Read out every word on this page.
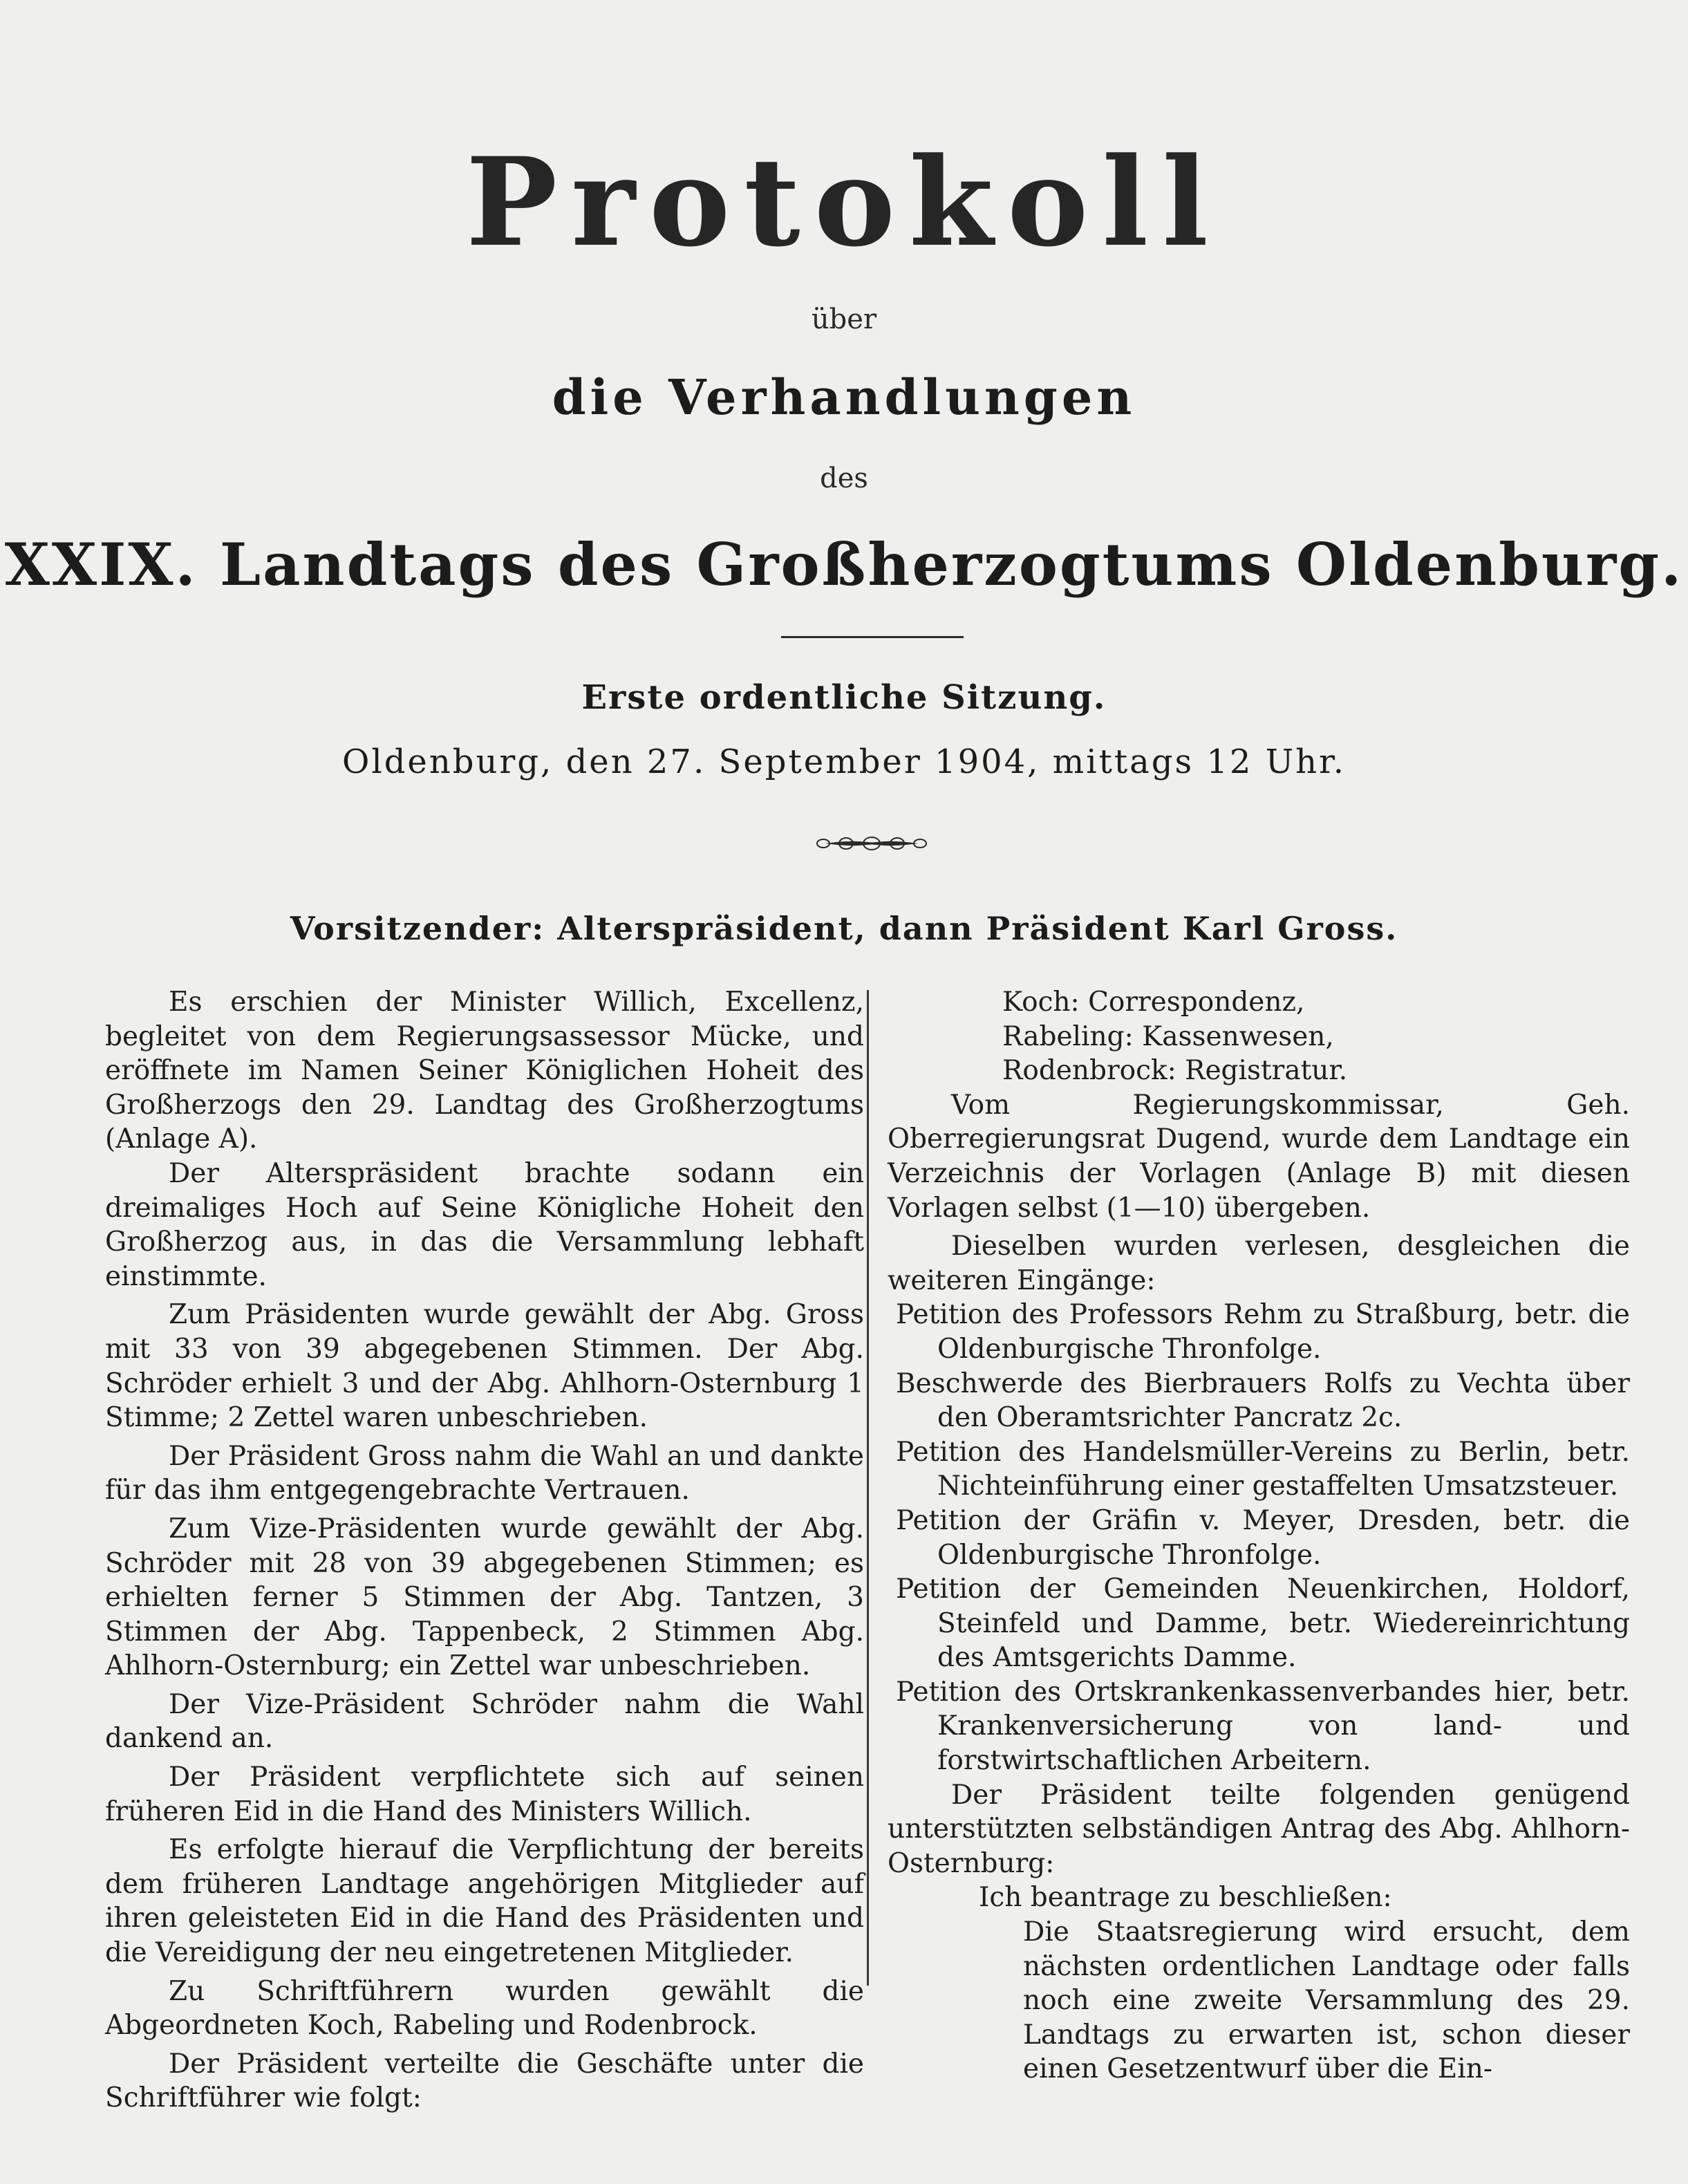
Protokoll
über
die Verhandlungen
des
XXIX. Landtags des Großherzogtums Oldenburg.
Erste ordentliche Sitzung.
Oldenburg, den 27. September 1904, mittags 12 Uhr.
Vorsitzender: Alterspräsident, dann Präsident Karl Gross.

Es erschien der Minister Willich, Excellenz, begleitet von dem Regierungsassessor Mücke, und eröffnete im Namen Seiner Königlichen Hoheit des Großherzogs den 29. Landtag des Großherzogtums (Anlage A).

Der Alterspräsident brachte sodann ein dreimaliges Hoch auf Seine Königliche Hoheit den Großherzog aus, in das die Versammlung lebhaft einstimmte.

Zum Präsidenten wurde gewählt der Abg. Gross mit 33 von 39 abgegebenen Stimmen. Der Abg. Schröder erhielt 3 und der Abg. Ahlhorn-Osternburg 1 Stimme; 2 Zettel waren unbeschrieben.

Der Präsident Gross nahm die Wahl an und dankte für das ihm entgegengebrachte Vertrauen.

Zum Vize-Präsidenten wurde gewählt der Abg. Schröder mit 28 von 39 abgegebenen Stimmen; es erhielten ferner 5 Stimmen der Abg. Tantzen, 3 Stimmen der Abg. Tappenbeck, 2 Stimmen Abg. Ahlhorn-Osternburg; ein Zettel war unbeschrieben.

Der Vize-Präsident Schröder nahm die Wahl dankend an.

Der Präsident verpflichtete sich auf seinen früheren Eid in die Hand des Ministers Willich.

Es erfolgte hierauf die Verpflichtung der bereits dem früheren Landtage angehörigen Mitglieder auf ihren geleisteten Eid in die Hand des Präsidenten und die Vereidigung der neu eingetretenen Mitglieder.

Zu Schriftführern wurden gewählt die Abgeordneten Koch, Rabeling und Rodenbrock.

Der Präsident verteilte die Geschäfte unter die Schriftführer wie folgt:

Koch: Correspondenz,

Rabeling: Kassenwesen,

Rodenbrock: Registratur.

Vom Regierungskommissar, Geh. Oberregierungsrat Dugend, wurde dem Landtage ein Verzeichnis der Vorlagen (Anlage B) mit diesen Vorlagen selbst (1—10) übergeben.

Dieselben wurden verlesen, desgleichen die weiteren Eingänge:

Petition des Professors Rehm zu Straßburg, betr. die Oldenburgische Thronfolge.

Beschwerde des Bierbrauers Rolfs zu Vechta über den Oberamtsrichter Pancratz 2c.

Petition des Handelsmüller-Vereins zu Berlin, betr. Nichteinführung einer gestaffelten Umsatzsteuer.

Petition der Gräfin v. Meyer, Dresden, betr. die Oldenburgische Thronfolge.

Petition der Gemeinden Neuenkirchen, Holdorf, Steinfeld und Damme, betr. Wiedereinrichtung des Amtsgerichts Damme.

Petition des Ortskrankenkassenverbandes hier, betr. Krankenversicherung von land- und forstwirtschaftlichen Arbeitern.

Der Präsident teilte folgenden genügend unterstützten selbständigen Antrag des Abg. Ahlhorn-Osternburg:

Ich beantrage zu beschließen:

Die Staatsregierung wird ersucht, dem nächsten ordentlichen Landtage oder falls noch eine zweite Versammlung des 29. Landtags zu erwarten ist, schon dieser einen Gesetzentwurf über die Ein-
